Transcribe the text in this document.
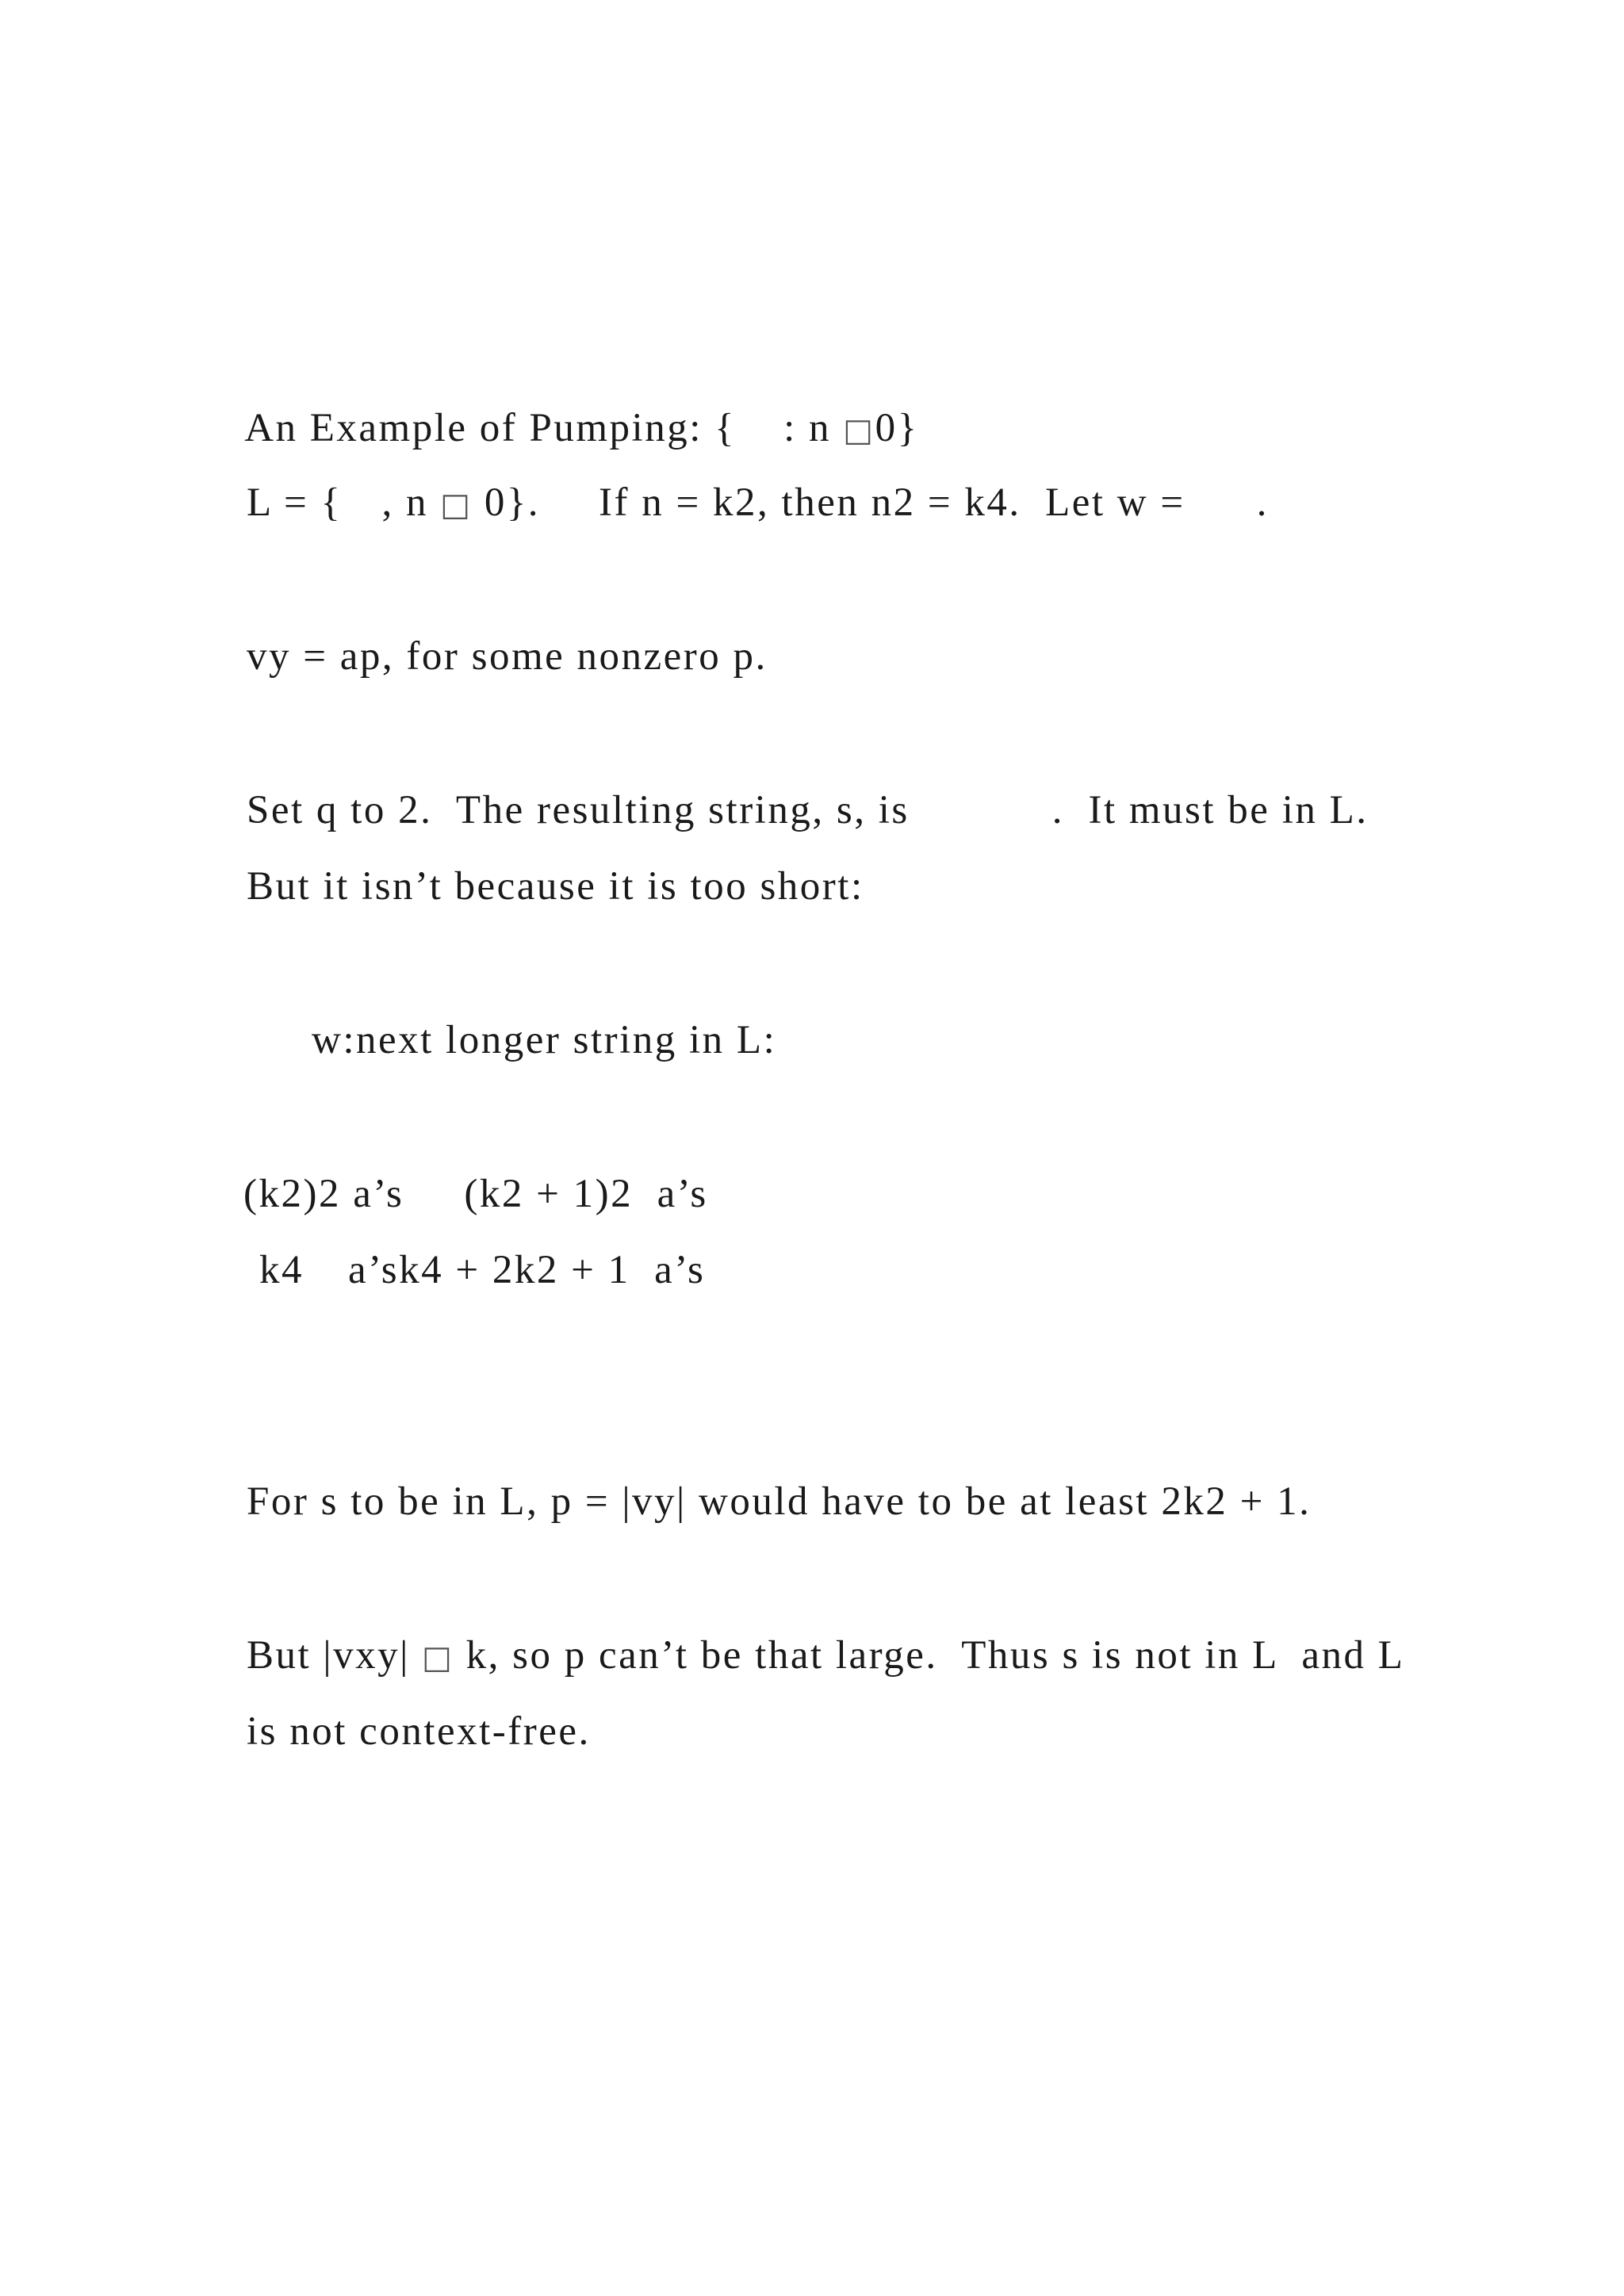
An Example of Pumping: { : n □0}

L = { , n □ 0}. If n = k2, then n2 = k4.  Let w = .

vy = ap, for some nonzero p.

Set q to 2.  The resulting string, s, is	.  It must be in L.

But it isn’t because it is too short:

w:next longer string in L:

(k2)2 a’s (k2 + 1)2  a’s

k4 a’sk4 + 2k2 + 1  a’s

For s to be in L, p = |vy| would have to be at least 2k2 + 1.

But |vxy| □ k, so p can’t be that large.  Thus s is not in L  and L

is not context-free.
